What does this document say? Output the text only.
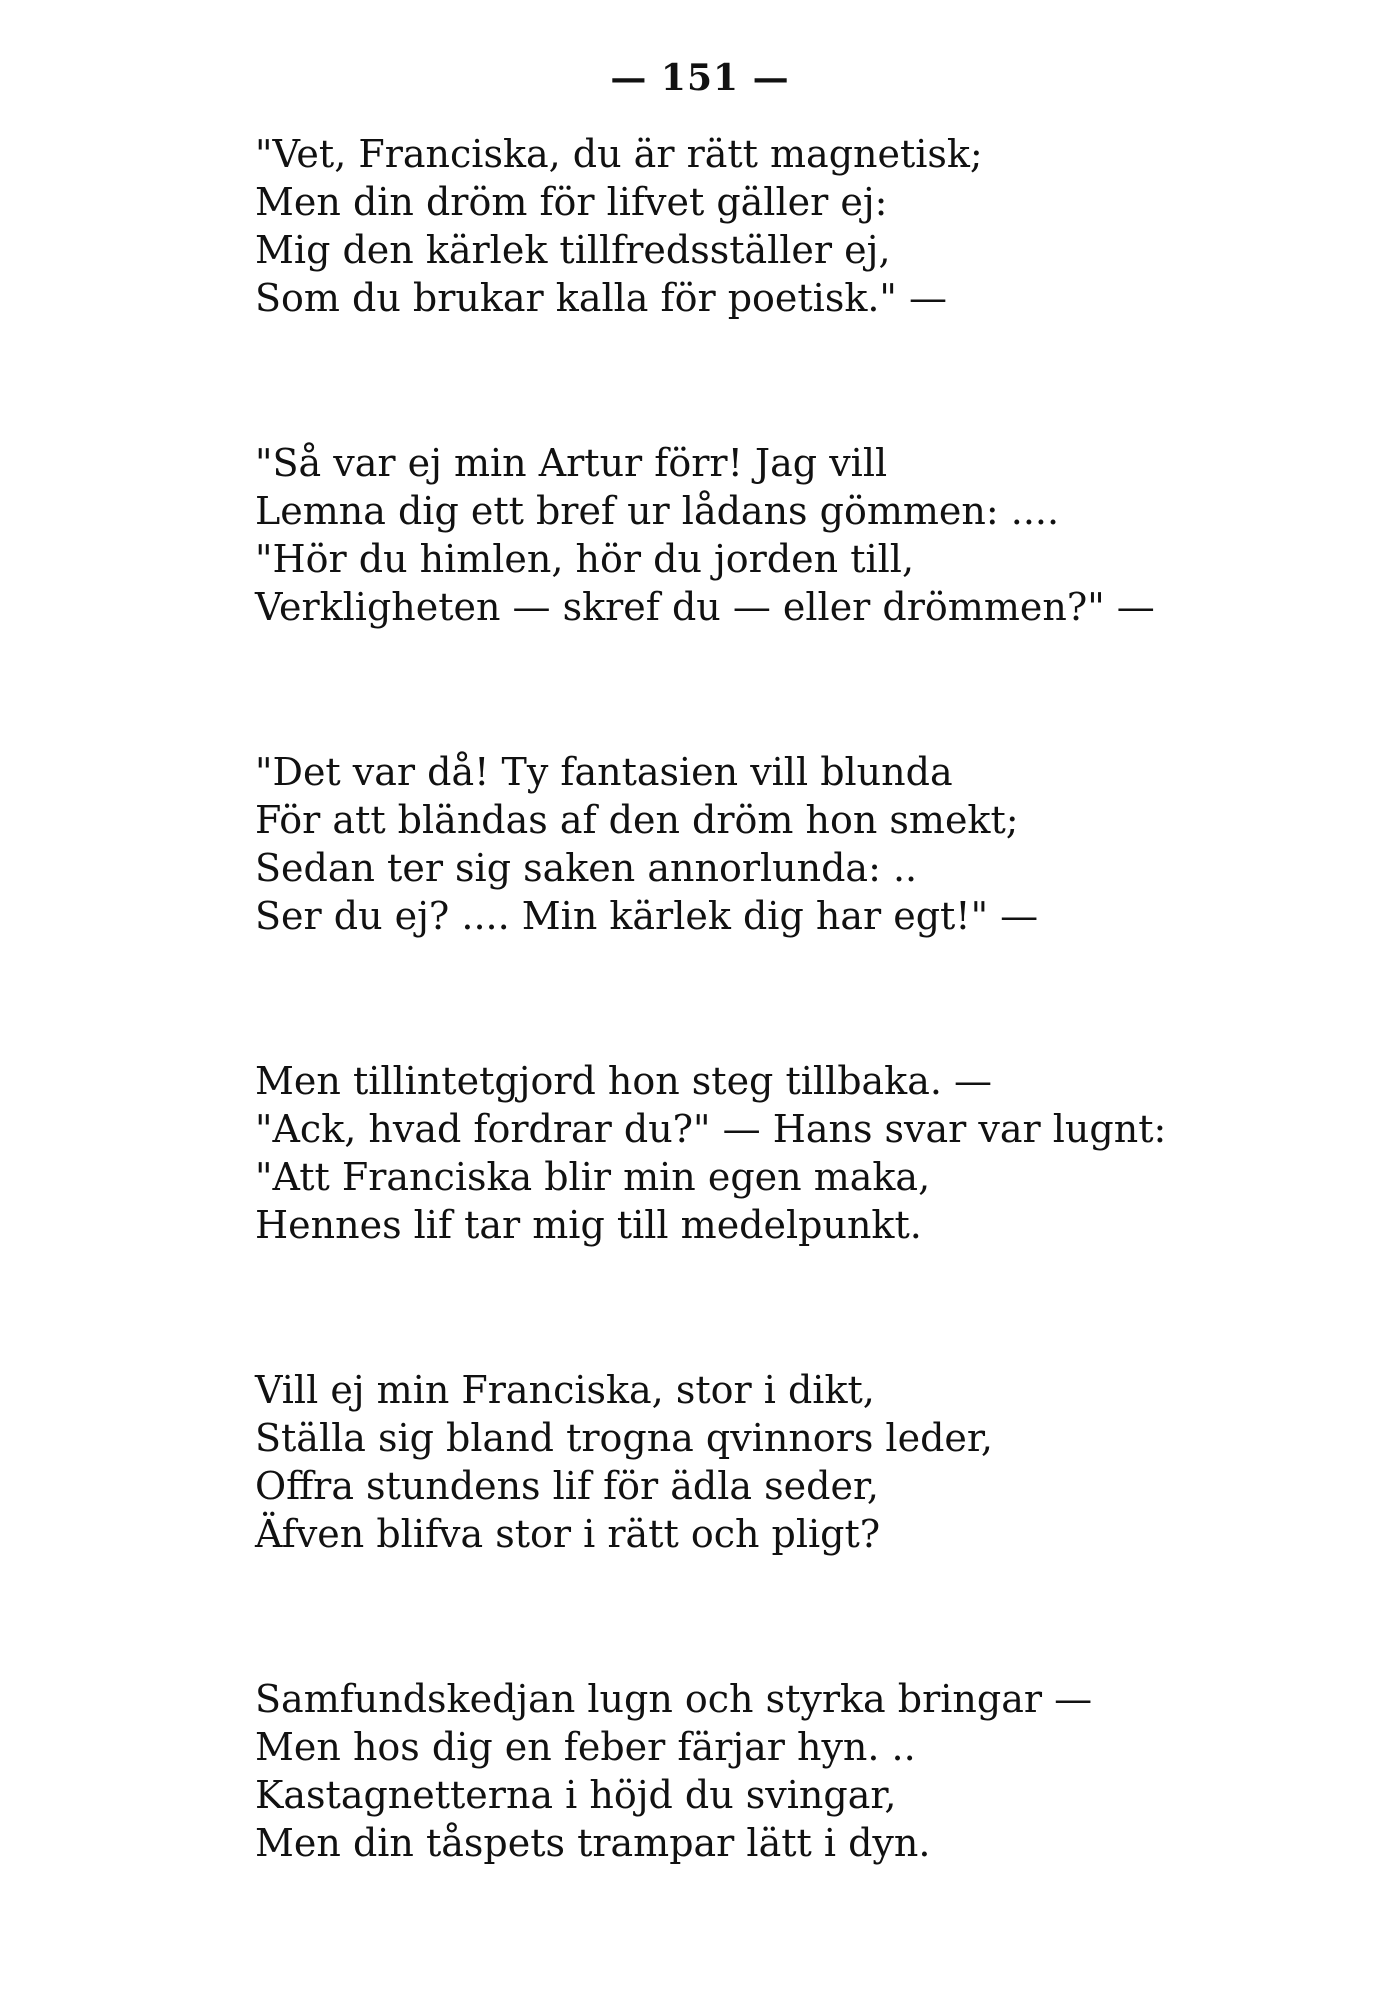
— 151 —
"Vet, Franciska, du är rätt magnetisk;
Men din dröm för lifvet gäller ej:
Mig den kärlek tillfredsställer ej,
Som du brukar kalla för poetisk." —
"Så var ej min Artur förr! Jag vill
Lemna dig ett bref ur lådans gömmen: ....
"Hör du himlen, hör du jorden till,
Verkligheten — skref du — eller drömmen?" —
"Det var då! Ty fantasien vill blunda
För att bländas af den dröm hon smekt;
Sedan ter sig saken annorlunda: ..
Ser du ej? .... Min kärlek dig har egt!" —
Men tillintetgjord hon steg tillbaka. —
"Ack, hvad fordrar du?" — Hans svar var lugnt:
"Att Franciska blir min egen maka,
Hennes lif tar mig till medelpunkt.
Vill ej min Franciska, stor i dikt,
Ställa sig bland trogna qvinnors leder,
Offra stundens lif för ädla seder,
Äfven blifva stor i rätt och pligt?
Samfundskedjan lugn och styrka bringar —
Men hos dig en feber färjar hyn. ..
Kastagnetterna i höjd du svingar,
Men din tåspets trampar lätt i dyn.
